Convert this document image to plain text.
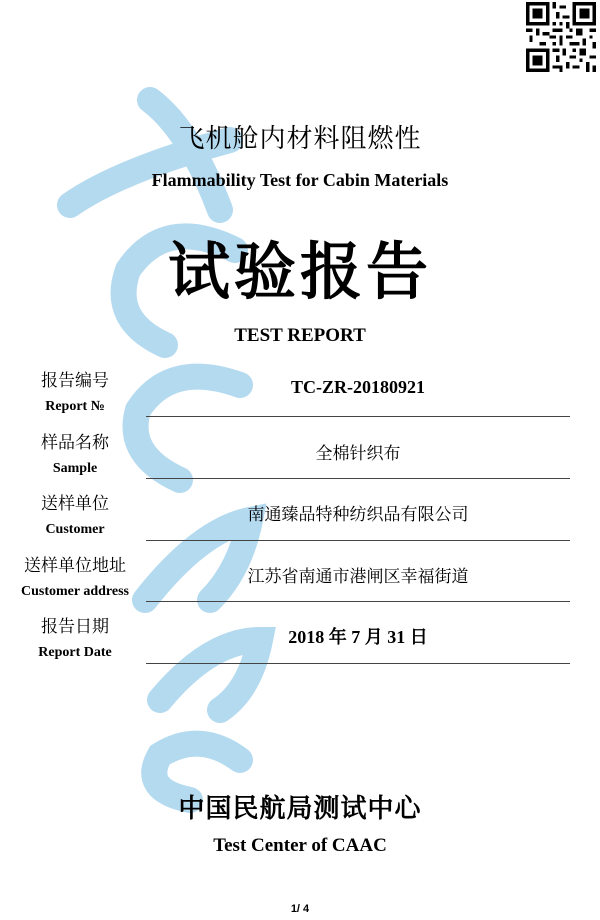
飞机舱内材料阻燃性
Flammability Test for Cabin Materials
试验报告
TEST REPORT
报告编号
Report №
TC-ZR-20180921
样品名称
Sample
全棉针织布
送样单位
Customer
南通臻品特种纺织品有限公司
送样单位地址
Customer address
江苏省南通市港闸区幸福街道
报告日期
Report Date
2018 年 7 月 31 日
中国民航局测试中心
Test Center of CAAC
1/ 4
